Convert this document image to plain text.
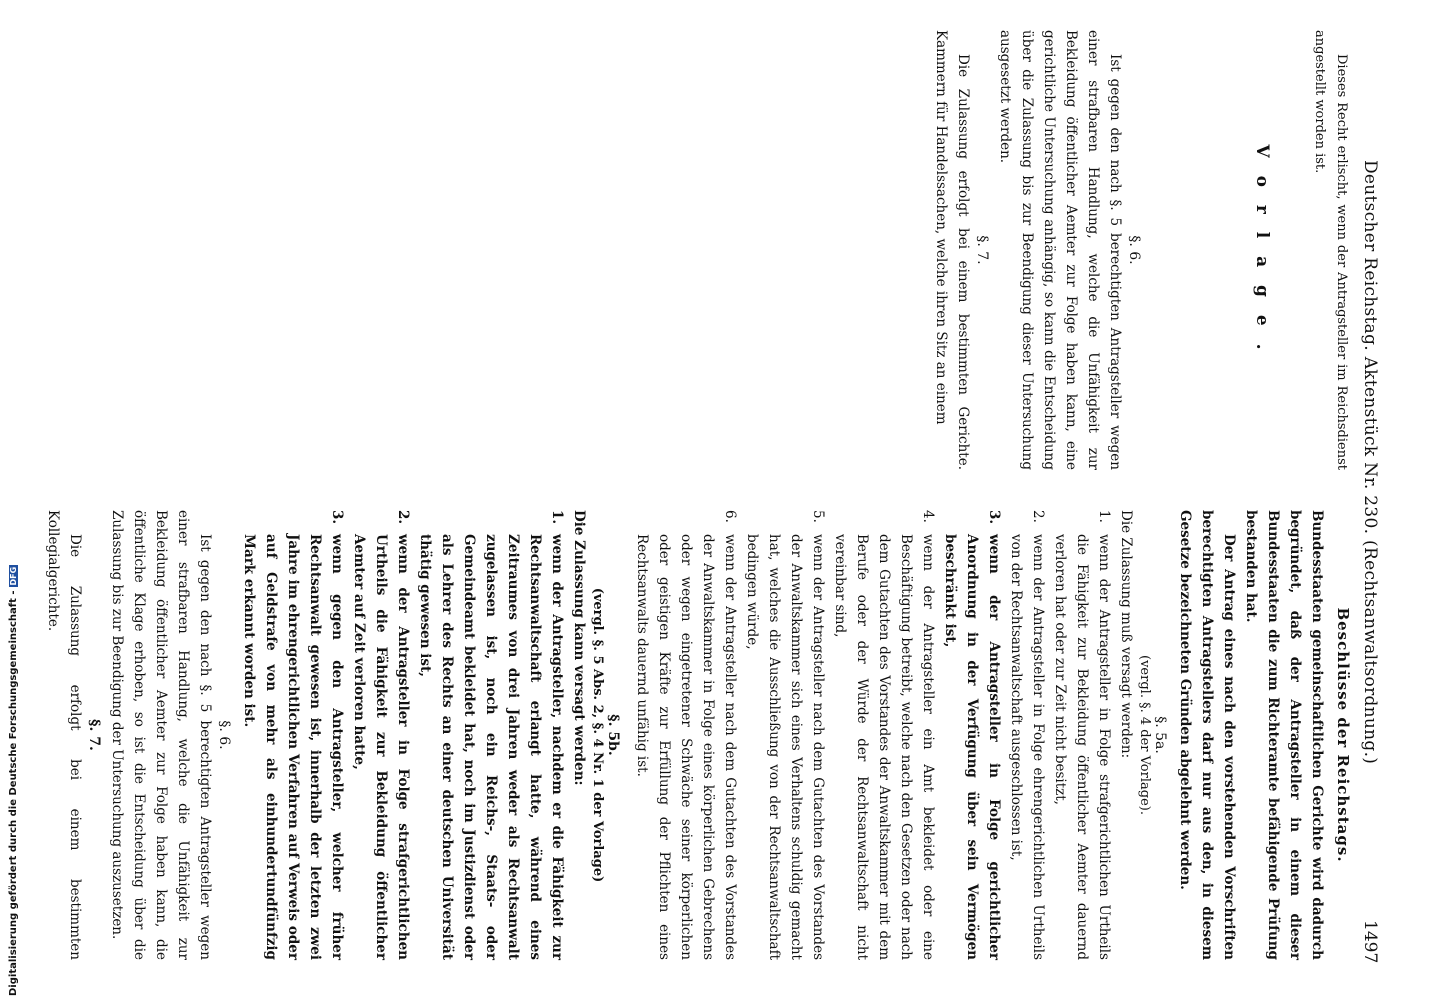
Deutscher Reichstag. Aktenstück Nr. 230. (Rechtsanwaltsordnung.)
1497
Dieses Recht erlischt, wenn der Antragsteller im Reichsdienst angestellt worden ist.
V o r l a g e .
§. 6.
Ist gegen den nach §. 5 berechtigten Antragsteller wegen einer strafbaren Handlung, welche die Unfähigkeit zur Bekleidung öffentlicher Aemter zur Folge haben kann, eine gerichtliche Untersuchung anhängig, so kann die Entscheidung über die Zulassung bis zur Beendigung dieser Untersuchung ausgesetzt werden.
§. 7.
Die Zulassung erfolgt bei einem bestimmten Gerichte. Kammern für Handelssachen, welche ihren Sitz an einem
Beschlüsse der Reichstags.
Bundesstaaten gemeinschaftlichen Gerichte wird dadurch begründet, daß der Antragsteller in einem dieser Bundesstaaten die zum Richteramte befähigende Prüfung bestanden hat.
Der Antrag eines nach den vorstehenden Vorschriften berechtigten Antragstellers darf nur aus den, in diesem Gesetze bezeichneten Gründen abgelehnt werden.
§. 5a.
(vergl. §. 4 der Vorlage).
Die Zulassung muß versagt werden:
1.wenn der Antragsteller in Folge strafgerichtlichen Urtheils die Fähigkeit zur Bekleidung öffentlicher Aemter dauernd verloren hat oder zur Zeit nicht besitzt,
2.wenn der Antragsteller in Folge ehrengerichtlichen Urtheils von der Rechtsanwaltschaft ausgeschlossen ist,
3.wenn der Antragsteller in Folge gerichtlicher Anordnung in der Verfügung über sein Vermögen beschränkt ist,
4.wenn der Antragsteller ein Amt bekleidet oder eine Beschäftigung betreibt, welche nach den Gesetzen oder nach dem Gutachten des Vorstandes der Anwaltskammer mit dem Berufe oder der Würde der Rechtsanwaltschaft nicht vereinbar sind,
5.wenn der Antragsteller nach dem Gutachten des Vorstandes der Anwaltskammer sich eines Verhaltens schuldig gemacht hat, welches die Ausschließung von der Rechtsanwaltschaft bedingen würde,
6.wenn der Antragsteller nach dem Gutachten des Vorstandes der Anwaltskammer in Folge eines körperlichen Gebrechens oder wegen eingetretener Schwäche seiner körperlichen oder geistigen Kräfte zur Erfüllung der Pflichten eines Rechtsanwalts dauernd unfähig ist.
§. 5b.
(vergl. §. 5 Abs. 2, §. 4 Nr. 1 der Vorlage)
Die Zulassung kann versagt werden:
1.wenn der Antragsteller, nachdem er die Fähigkeit zur Rechtsanwaltschaft erlangt hatte, während eines Zeitraumes von drei Jahren weder als Rechtsanwalt zugelassen ist, noch ein Reichs-, Staats- oder Gemeindeamt bekleidet hat, noch im Justizdienst oder als Lehrer des Rechts an einer deutschen Universität thätig gewesen ist,
2.wenn der Antragsteller in Folge strafgerichtlichen Urtheils die Fähigkeit zur Bekleidung öffentlicher Aemter auf Zeit verloren hatte,
3.wenn gegen den Antragsteller, welcher früher Rechtsanwalt gewesen ist, innerhalb der letzten zwei Jahre im ehrengerichtlichen Verfahren auf Verweis oder auf Geldstrafe von mehr als einhundertundfünfzig Mark erkannt worden ist.
§. 6.
Ist gegen den nach §. 5 berechtigten Antragsteller wegen einer strafbaren Handlung, welche die Unfähigkeit zur Bekleidung öffentlicher Aemter zur Folge haben kann, die öffentliche Klage erhoben, so ist die Entscheidung über die Zulassung bis zur Beendigung der Untersuchung auszusetzen.
§. 7.
Die Zulassung erfolgt bei einem bestimmten Kollegialgerichte.
Digitalisierung gefördert durch die Deutsche Forschungsgemeinschaft -DFG
